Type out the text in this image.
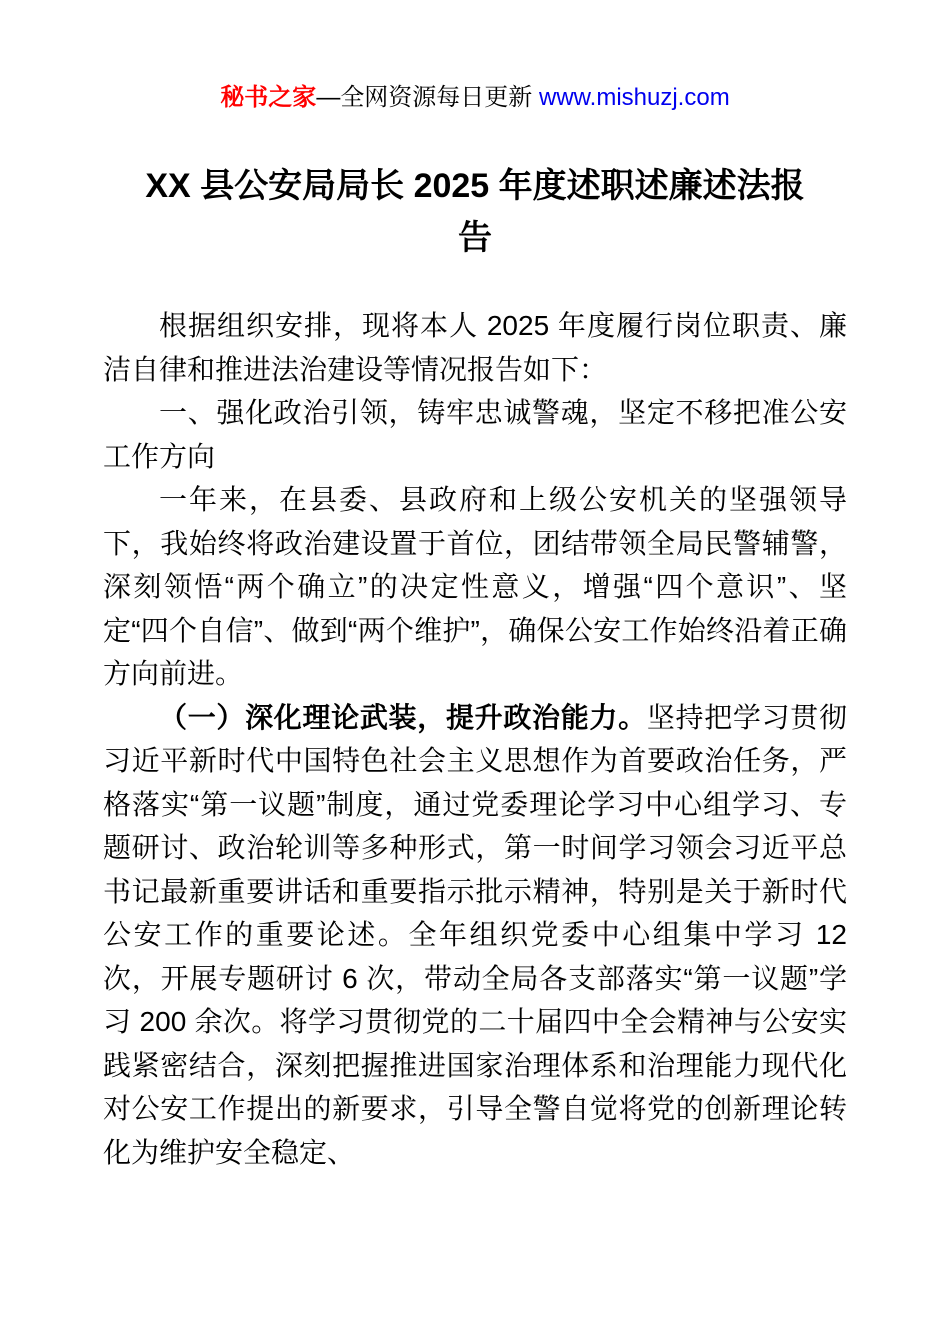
秘书之家—全网资源每日更新 www.mishuzj.com
XX 县公安局局长 2025 年度述职述廉述法报
告

根据组织安排，现将本人 2025 年度履行岗位职责、廉洁自律和推进法治建设等情况报告如下：

一、强化政治引领，铸牢忠诚警魂，坚定不移把准公安工作方向

一年来，在县委、县政府和上级公安机关的坚强领导下，我始终将政治建设置于首位，团结带领全局民警辅警，深刻领悟“两个确立”的决定性意义，增强“四个意识”、坚定“四个自信”、做到“两个维护”，确保公安工作始终沿着正确方向前进。

（一）深化理论武装，提升政治能力。坚持把学习贯彻习近平新时代中国特色社会主义思想作为首要政治任务，严格落实“第一议题”制度，通过党委理论学习中心组学习、专题研讨、政治轮训等多种形式，第一时间学习领会习近平总书记最新重要讲话和重要指示批示精神，特别是关于新时代公安工作的重要论述。全年组织党委中心组集中学习 12 次，开展专题研讨 6 次，带动全局各支部落实“第一议题”学习 200 余次。将学习贯彻党的二十届四中全会精神与公安实践紧密结合，深刻把握推进国家治理体系和治理能力现代化对公安工作提出的新要求，引导全警自觉将党的创新理论转化为维护安全稳定、
